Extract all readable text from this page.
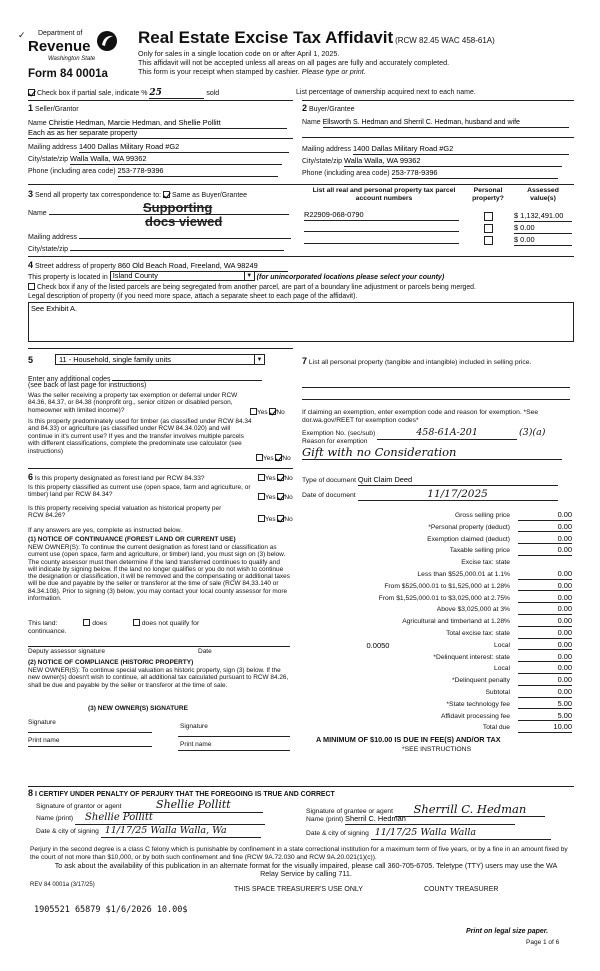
Department of
Revenue
Washington State
Form 84 0001a
✓	Real Estate Excise Tax Affidavit (RCW 82.45 WAC 458-61A)
Only for sales in a single location code on or after April 1, 2025.
This affidavit will not be accepted unless all areas on all pages are fully and accurately completed.
This form is your receipt when stamped by cashier. Please type or print.
Check box if partial sale, indicate % 25	sold	List percentage of ownership acquired next to each name.
1 Seller/Grantor
Name Christie Hedman, Marcie Hedman, and Shellie Pollitt
Each as as her separate property
Mailing address 1400 Dallas Military Road #G2
City/state/zip Walla Walla, WA 99362
Phone (including area code) 253-778-9396
2 Buyer/Grantee
Name Ellsworth S. Hedman and Sherril C. Hedman, husband and wife
Mailing address 1400 Dallas Military Road #G2
City/state/zip Walla Walla, WA 99362
Phone (including area code) 253-778-9396
3 Send all property tax correspondence to: Same as Buyer/Grantee
Name	Supporting
docs viewed
Mailing address
City/state/zip
List all real and personal property tax parcel account numbers
Personal property?
Assessed value(s)
R22909-068-0790	$ 1,132,491.00
$ 0.00
$ 0.00
4 Street address of property 860 Old Beach Road, Freeland, WA 98249
This property is located in Island County	▼ (for unincorporated locations please select your county)
Check box if any of the listed parcels are being segregated from another parcel, are part of a boundary line adjustment or parcels being merged.
Legal description of property (if you need more space, attach a separate sheet to each page of the affidavit).
See Exhibit A.
5	11 - Household, single family units	▼
Enter any additional codes
(see back of last page for instructions)
Was the seller receiving a property tax exemption or deferral under RCW 84.36, 84.37, or 84.38 (nonprofit org., senior citizen or disabled person, homeowner with limited income)?	Yes No
Is this property predominately used for timber (as classified under RCW 84.34 and 84.33) or agriculture (as classified under RCW 84.34.020) and will continue in it's current use? If yes and the transfer involves multiple parcels with different classifications, complete the predominate use calculator (see instructions)
Yes No
6 Is this property designated as forest land per RCW 84.33?	Yes No
Is this property classified as current use (open space, farm and agriculture, or timber) land per RCW 84.34?	Yes No
Is this property receiving special valuation as historical property per RCW 84.26?
Yes No
If any answers are yes, complete as instructed below.
(1) NOTICE OF CONTINUANCE (FOREST LAND OR CURRENT USE)
NEW OWNER(S): To continue the current designation as forest land or classification as current use (open space, farm and agriculture, or timber) land, you must sign on (3) below. The county assessor must then determine if the land transferred continues to qualify and will indicate by signing below. If the land no longer qualifies or you do not wish to continue the designation or classification, it will be removed and the compensating or additional taxes will be due and payable by the seller or transferor at the time of sale (RCW 84.33.140 or 84.34.108). Prior to signing (3) below, you may contact your local county assessor for more information.
This land:	does	does not qualify for
continuance.
Deputy assessor signature	Date
(2) NOTICE OF COMPLIANCE (HISTORIC PROPERTY)
NEW OWNER(S): To continue special valuation as historic property, sign (3) below. If the new owner(s) doesn't wish to continue, all additional tax calculated pursuant to RCW 84.26, shall be due and payable by the seller or transferor at the time of sale.
(3) NEW OWNER(S) SIGNATURE
Signature
Signature
Print name
Print name
7 List all personal property (tangible and intangible) included in selling price.
If claiming an exemption, enter exemption code and reason for exemption. *See dor.wa.gov/REET for exemption codes*
Exemption No. (sec/sub)	458-61A-201	(3)(a)
Reason for exemption
Gift with no Consideration
Type of document Quit Claim Deed
Date of document	11/17/2025
Gross selling price	0.00
*Personal property (deduct)	0.00
Exemption claimed (deduct)	0.00
Taxable selling price	0.00
Excise tax: state
Less than $525,000.01 at 1.1%	0.00
From $525,000.01 to $1,525,000 at 1.28%	0.00
From $1,525,000.01 to $3,025,000 at 2.75%	0.00
Above $3,025,000 at 3%	0.00
Agricultural and timberland at 1.28%	0.00
Total excise tax: state	0.00
Local	0.00
*Delinquent interest: state	0.00
Local	0.00
*Delinquent penalty	0.00
Subtotal	0.00
*State technology fee	5.00
Affidavit processing fee	5.00
Total due	10.00
0.0050
A MINIMUM OF $10.00 IS DUE IN FEE(S) AND/OR TAX
*SEE INSTRUCTIONS
8 I CERTIFY UNDER PENALTY OF PERJURY THAT THE FOREGOING IS TRUE AND CORRECT
Signature of grantor or agent	Shellie Pollitt
Name (print) Shellie Pollitt
Date & city of signing 11/17/25 Walla Walla, Wa
Signature of grantee or agent Sherrill C. Hedman
Name (print) Sherril C. Hedman
Date & city of signing 11/17/25 Walla Walla
Perjury in the second degree is a class C felony which is punishable by confinement in a state correctional institution for a maximum term of five years, or by a fine in an amount fixed by the court of not more than $10,000, or by both such confinement and fine (RCW 9A.72.030 and RCW 9A.20.021(1)(c)).
To ask about the availability of this publication in an alternate format for the visually impaired, please call 360-705-6705. Teletype (TTY) users may use the WA Relay Service by calling 711.
REV 84 0001a (3/17/25)
THIS SPACE TREASURER'S USE ONLY	COUNTY TREASURER
1905521 65879 $1/6/2026 10.00$
Print on legal size paper.
Page 1 of 6
